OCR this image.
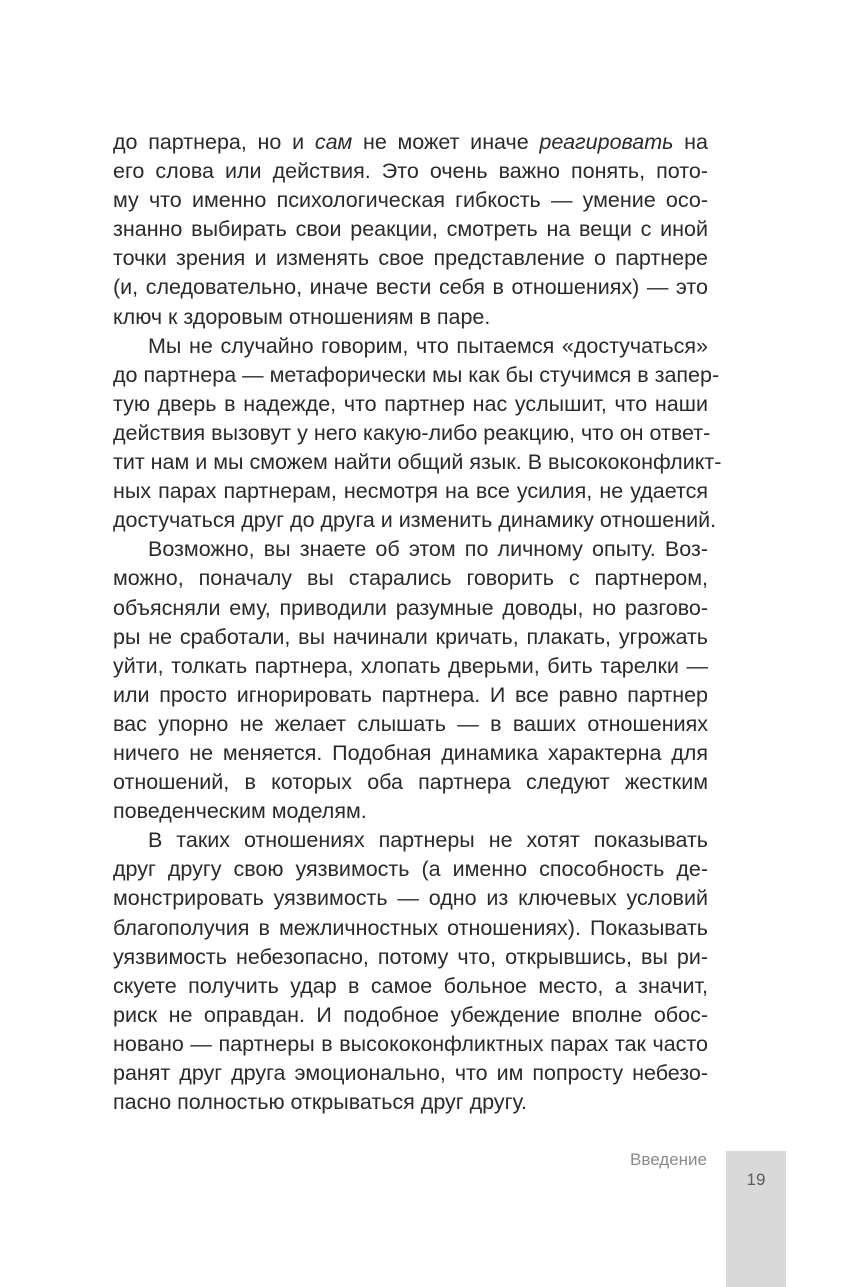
до партнера, но и сам не может иначе реагировать на
его слова или действия. Это очень важно понять, пото-
му что именно психологическая гибкость — умение осо-
знанно выбирать свои реакции, смотреть на вещи с иной
точки зрения и изменять свое представление о партнере
(и, следовательно, иначе вести себя в отношениях) — это
ключ к здоровым отношениям в паре.
Мы не случайно говорим, что пытаемся «достучаться»
до партнера — метафорически мы как бы стучимся в запер-
тую дверь в надежде, что партнер нас услышит, что наши
действия вызовут у него какую-либо реакцию, что он ответ-
тит нам и мы сможем найти общий язык. В высококонфликт-
ных парах партнерам, несмотря на все усилия, не удается
достучаться друг до друга и изменить динамику отношений.
Возможно, вы знаете об этом по личному опыту. Воз-
можно, поначалу вы старались говорить с партнером,
объясняли ему, приводили разумные доводы, но разгово-
ры не сработали, вы начинали кричать, плакать, угрожать
уйти, толкать партнера, хлопать дверьми, бить тарелки —
или просто игнорировать партнера. И все равно партнер
вас упорно не желает слышать — в ваших отношениях
ничего не меняется. Подобная динамика характерна для
отношений, в которых оба партнера следуют жестким
поведенческим моделям.
В таких отношениях партнеры не хотят показывать
друг другу свою уязвимость (а именно способность де-
монстрировать уязвимость — одно из ключевых условий
благополучия в межличностных отношениях). Показывать
уязвимость небезопасно, потому что, открывшись, вы ри-
скуете получить удар в самое больное место, а значит,
риск не оправдан. И подобное убеждение вполне обос-
новано — партнеры в высококонфликтных парах так часто
ранят друг друга эмоционально, что им попросту небезо-
пасно полностью открываться друг другу.
Введение
19
